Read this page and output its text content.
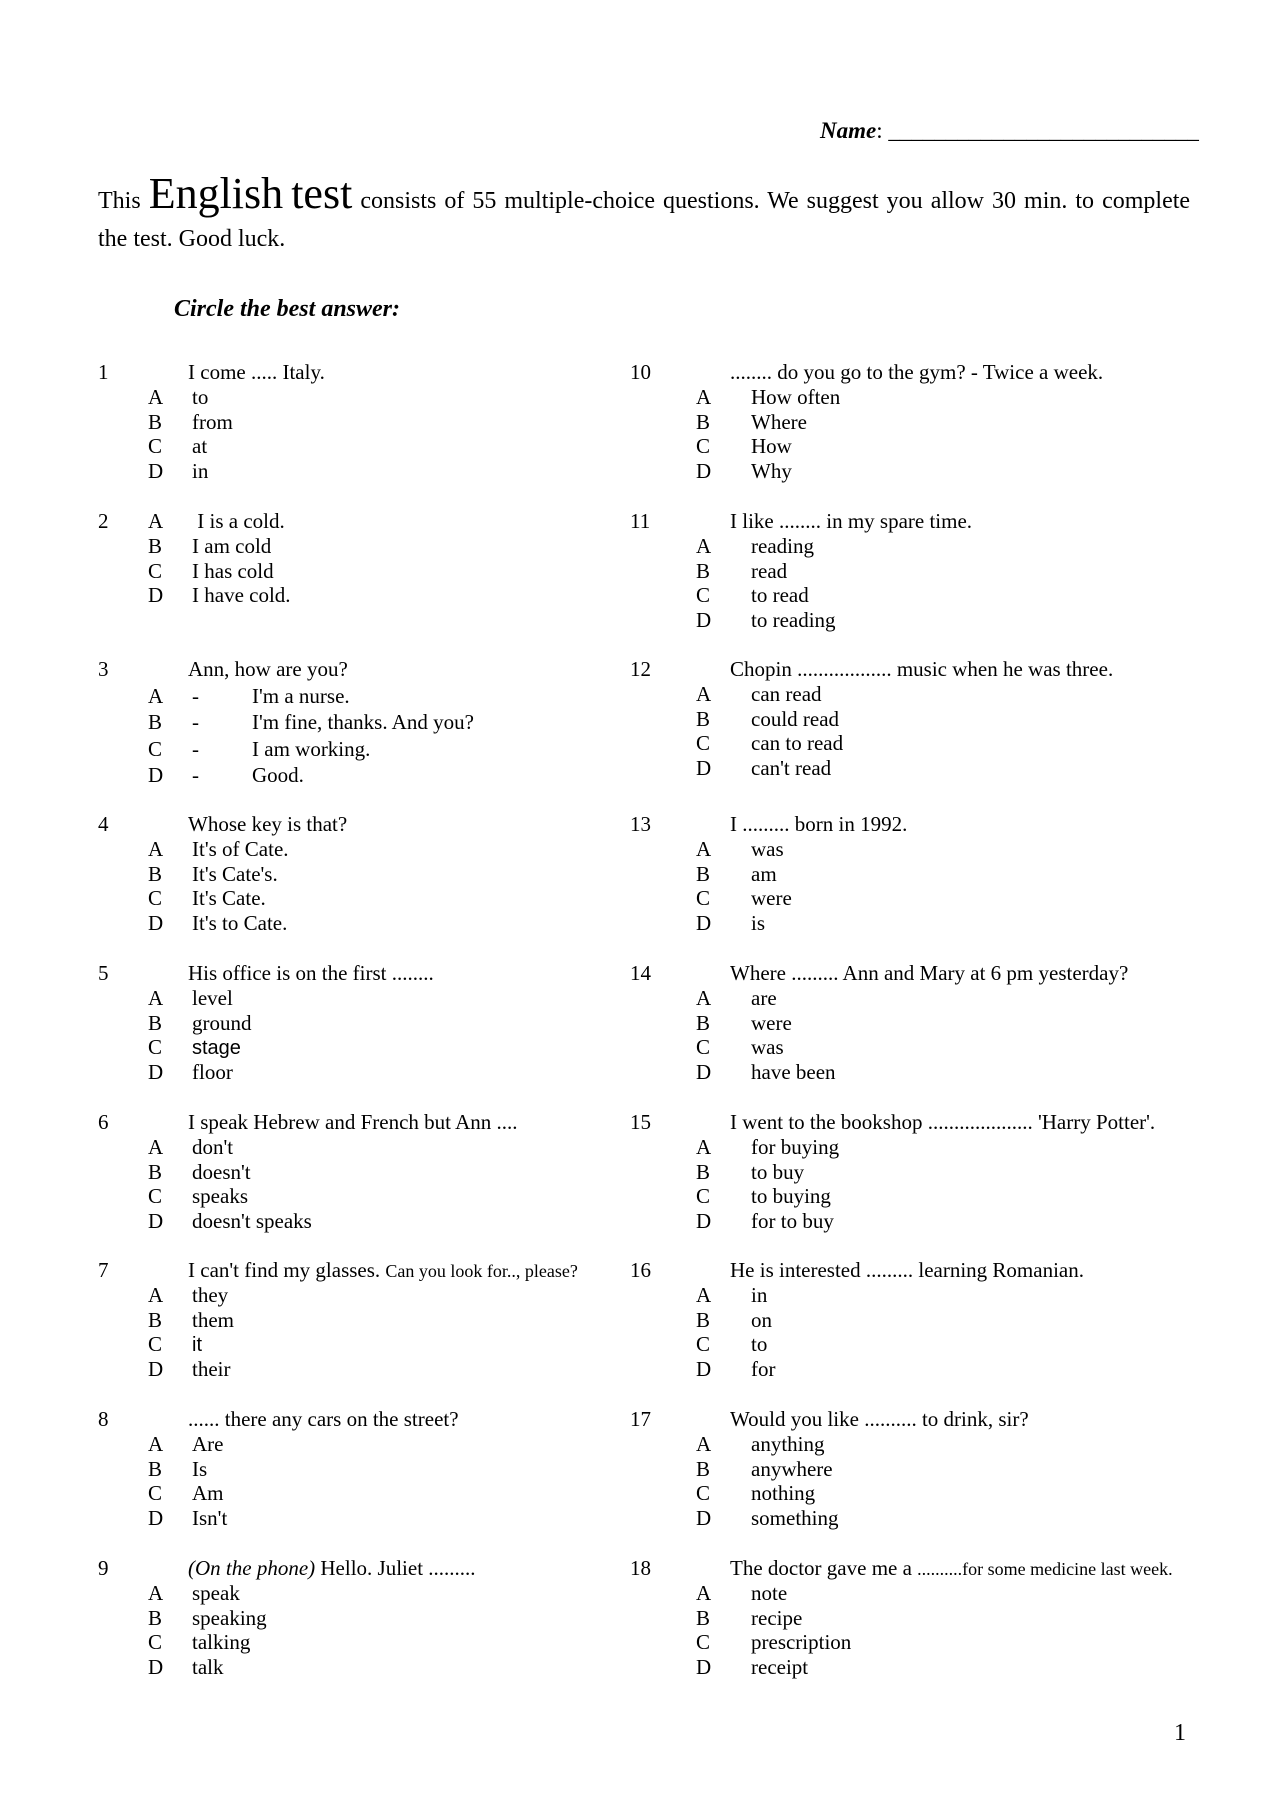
Name: ___________________________
This English test consists of 55 multiple-choice questions. We suggest you allow 30 min. to complete the test. Good luck.
Circle the best answer:
1	I come ..... Italy.
A to
B from
C at
D in
2 A I is a cold.
B I am cold
C I has cold
D I have cold.
3	Ann, how are you?
A -	I'm a nurse.
B -	I'm fine, thanks. And you?
C -	I am working.
D -	Good.
4	Whose key is that?
A It's of Cate.
B It's Cate's.
C It's Cate.
D It's to Cate.
5	His office is on the first ........
A level
B ground
C stage
D floor
6	I speak Hebrew and French but Ann ....
A don't
B doesn't
C speaks
D doesn't speaks
7	I can't find my glasses. Can you look for.., please?
A they
B them
C it
D their
8	...... there any cars on the street?
A Are
B Is
C Am
D Isn't
9	(On the phone) Hello. Juliet .........
A speak
B speaking
C talking
D talk
10	........ do you go to the gym? - Twice a week.
A How often
B Where
C How
D Why
11	I like ........ in my spare time.
A reading
B read
C to read
D to reading
12	Chopin .................. music when he was three.
A can read
B could read
C can to read
D can't read
13	I ......... born in 1992.
A was
B am
C were
D is
14	Where ......... Ann and Mary at 6 pm yesterday?
A are
B were
C was
D have been
15	I went to the bookshop .................... 'Harry Potter'.
A for buying
B to buy
C to buying
D for to buy
16	He is interested ......... learning Romanian.
A in
B on
C to
D for
17	Would you like .......... to drink, sir?
A anything
B anywhere
C nothing
D something
18	The doctor gave me a ..........for some medicine last week.
A note
B recipe
C prescription
D receipt
1
